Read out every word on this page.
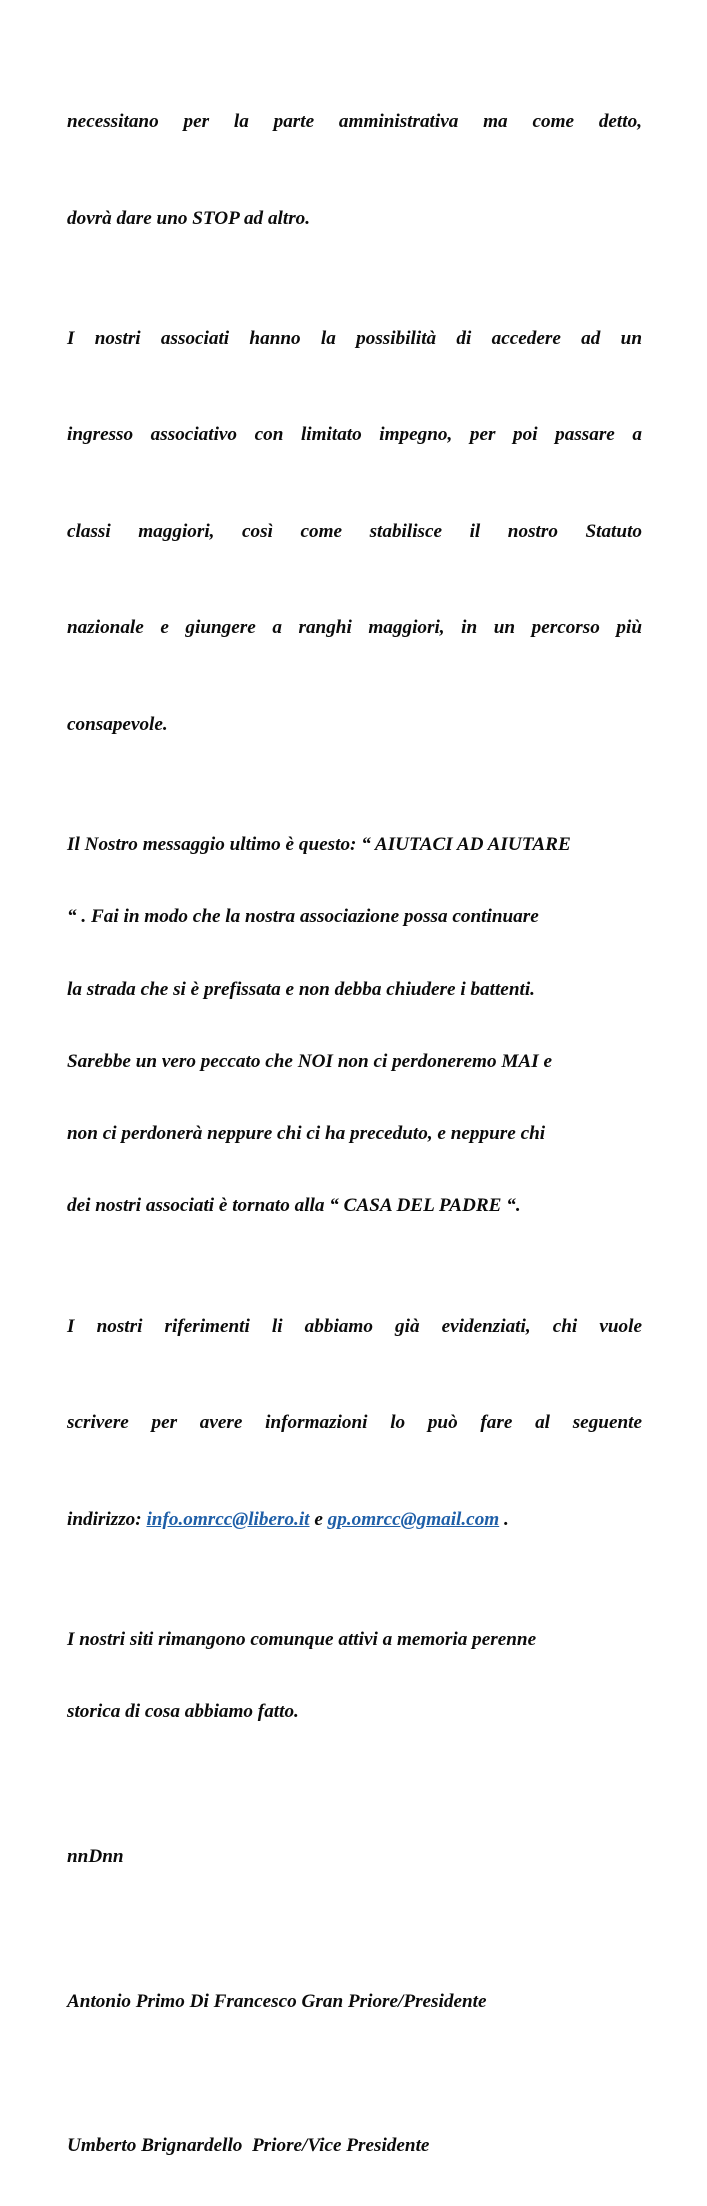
necessitano per la parte amministrativa ma come detto,

dovrà dare uno STOP ad altro.

I nostri associati hanno la possibilità di accedere ad un

ingresso associativo con limitato impegno, per poi passare a

classi maggiori, così come stabilisce il nostro Statuto

nazionale e giungere a ranghi maggiori, in un percorso più

consapevole.

Il Nostro messaggio ultimo è questo: “ AIUTACI AD AIUTARE

“ . Fai in modo che la nostra associazione possa continuare

la strada che si è prefissata e non debba chiudere i battenti.

Sarebbe un vero peccato che NOI non ci perdoneremo MAI e

non ci perdonerà neppure chi ci ha preceduto, e neppure chi

dei nostri associati è tornato alla “ CASA DEL PADRE “.

I nostri riferimenti li abbiamo già evidenziati, chi vuole

scrivere per avere informazioni lo può fare al seguente

indirizzo: info.omrcc@libero.it e gp.omrcc@gmail.com .

I nostri siti rimangono comunque attivi a memoria perenne

storica di cosa abbiamo fatto.

nnDnn

Antonio Primo Di Francesco Gran Priore/Presidente

Umberto Brignardello  Priore/Vice Presidente
